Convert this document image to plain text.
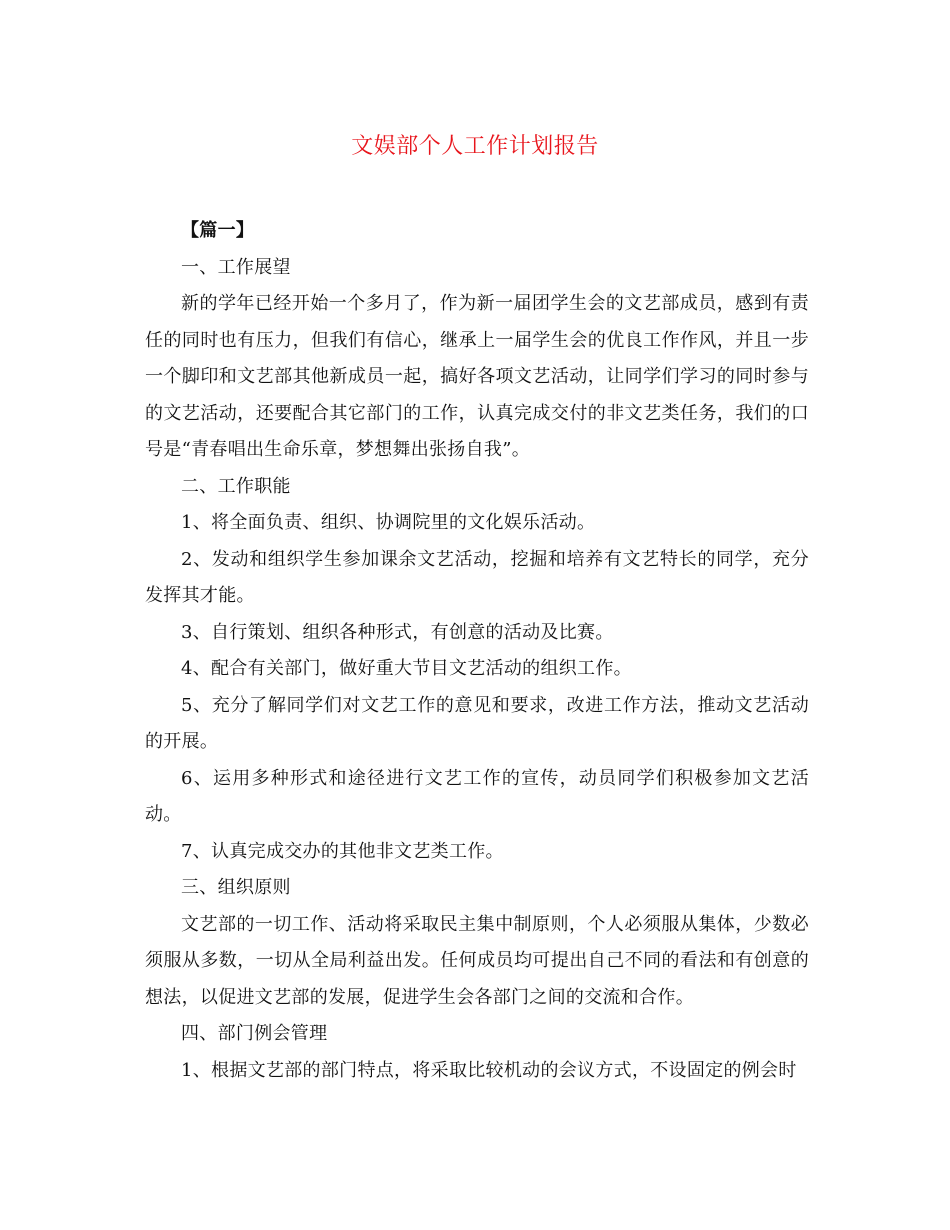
文娱部个人工作计划报告

【篇一】

一、工作展望

新的学年已经开始一个多月了，作为新一届团学生会的文艺部成员，感到有责任的同时也有压力，但我们有信心，继承上一届学生会的优良工作作风，并且一步一个脚印和文艺部其他新成员一起，搞好各项文艺活动，让同学们学习的同时参与的文艺活动，还要配合其它部门的工作，认真完成交付的非文艺类任务，我们的口号是“青春唱出生命乐章，梦想舞出张扬自我”。

二、工作职能

1、将全面负责、组织、协调院里的文化娱乐活动。

2、发动和组织学生参加课余文艺活动，挖掘和培养有文艺特长的同学，充分发挥其才能。

3、自行策划、组织各种形式，有创意的活动及比赛。

4、配合有关部门，做好重大节目文艺活动的组织工作。

5、充分了解同学们对文艺工作的意见和要求，改进工作方法，推动文艺活动的开展。

6、运用多种形式和途径进行文艺工作的宣传，动员同学们积极参加文艺活动。

7、认真完成交办的其他非文艺类工作。

三、组织原则

文艺部的一切工作、活动将采取民主集中制原则，个人必须服从集体，少数必须服从多数，一切从全局利益出发。任何成员均可提出自己不同的看法和有创意的想法，以促进文艺部的发展，促进学生会各部门之间的交流和合作。

四、部门例会管理

1、根据文艺部的部门特点，将采取比较机动的会议方式，不设固定的例会时
